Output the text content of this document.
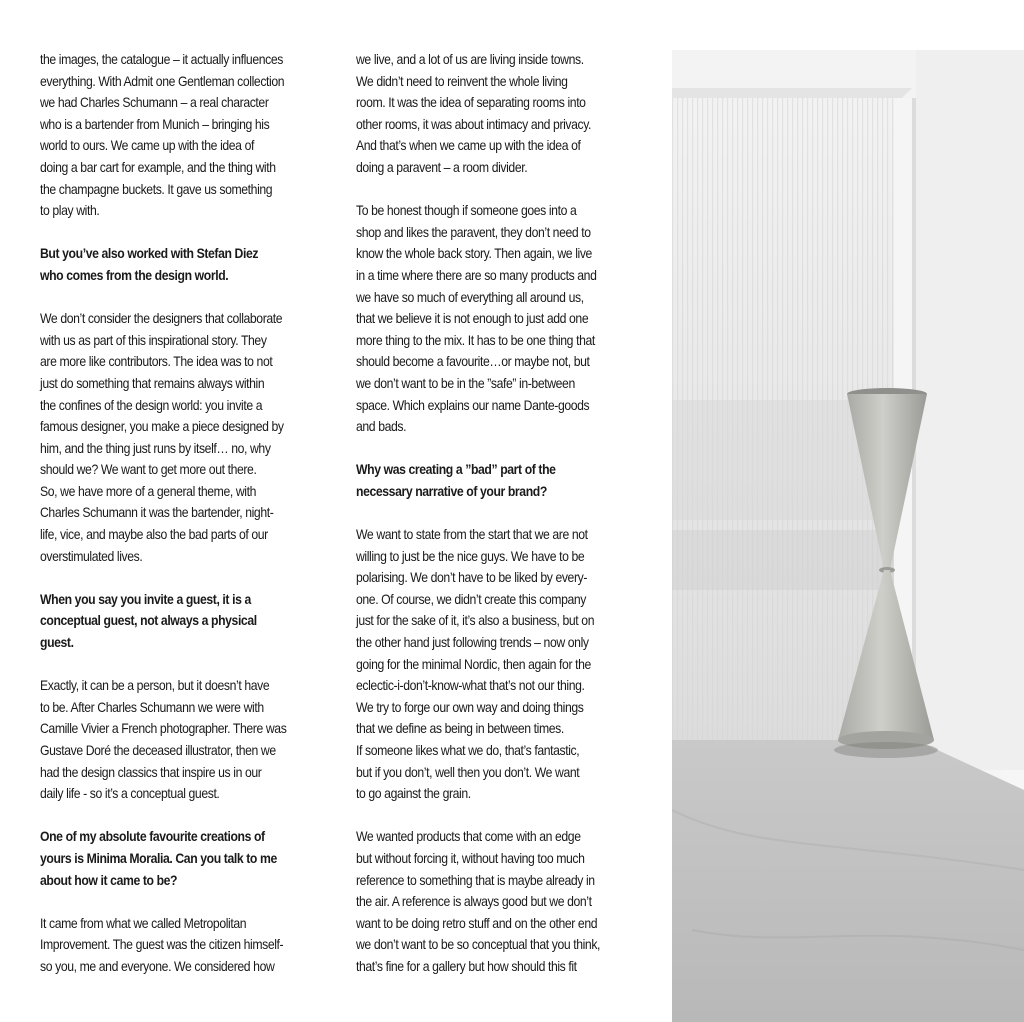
the images, the catalogue – it actually influences
everything. With Admit one Gentleman collection
we had Charles Schumann – a real character
who is a bartender from Munich – bringing his
world to ours. We came up with the idea of
doing a bar cart for example, and the thing with
the champagne buckets. It gave us something
to play with.
But you’ve also worked with Stefan Diez
who comes from the design world.
We don’t consider the designers that collaborate
with us as part of this inspirational story. They
are more like contributors. The idea was to not
just do something that remains always within
the confines of the design world: you invite a
famous designer, you make a piece designed by
him, and the thing just runs by itself… no, why
should we? We want to get more out there.
So, we have more of a general theme, with
Charles Schumann it was the bartender, night-
life, vice, and maybe also the bad parts of our
overstimulated lives.
When you say you invite a guest, it is a
conceptual guest, not always a physical
guest.
Exactly, it can be a person, but it doesn’t have
to be. After Charles Schumann we were with
Camille Vivier a French photographer. There was
Gustave Doré the deceased illustrator, then we
had the design classics that inspire us in our
daily life - so it’s a conceptual guest.
One of my absolute favourite creations of
yours is Minima Moralia. Can you talk to me
about how it came to be?
It came from what we called Metropolitan
Improvement. The guest was the citizen himself-
so you, me and everyone. We considered how
we live, and a lot of us are living inside towns.
We didn’t need to reinvent the whole living
room. It was the idea of separating rooms into
other rooms, it was about intimacy and privacy.
And that’s when we came up with the idea of
doing a paravent – a room divider.
To be honest though if someone goes into a
shop and likes the paravent, they don’t need to
know the whole back story. Then again, we live
in a time where there are so many products and
we have so much of everything all around us,
that we believe it is not enough to just add one
more thing to the mix. It has to be one thing that
should become a favourite…or maybe not, but
we don’t want to be in the ”safe” in-between
space. Which explains our name Dante-goods
and bads.
Why was creating a ”bad” part of the
necessary narrative of your brand?
We want to state from the start that we are not
willing to just be the nice guys. We have to be
polarising. We don’t have to be liked by every-
one. Of course, we didn’t create this company
just for the sake of it, it’s also a business, but on
the other hand just following trends – now only
going for the minimal Nordic, then again for the
eclectic-i-don’t-know-what that’s not our thing.
We try to forge our own way and doing things
that we define as being in between times.
If someone likes what we do, that’s fantastic,
but if you don’t, well then you don’t. We want
to go against the grain.
We wanted products that come with an edge
but without forcing it, without having too much
reference to something that is maybe already in
the air. A reference is always good but we don’t
want to be doing retro stuff and on the other end
we don’t want to be so conceptual that you think,
that’s fine for a gallery but how should this fit
